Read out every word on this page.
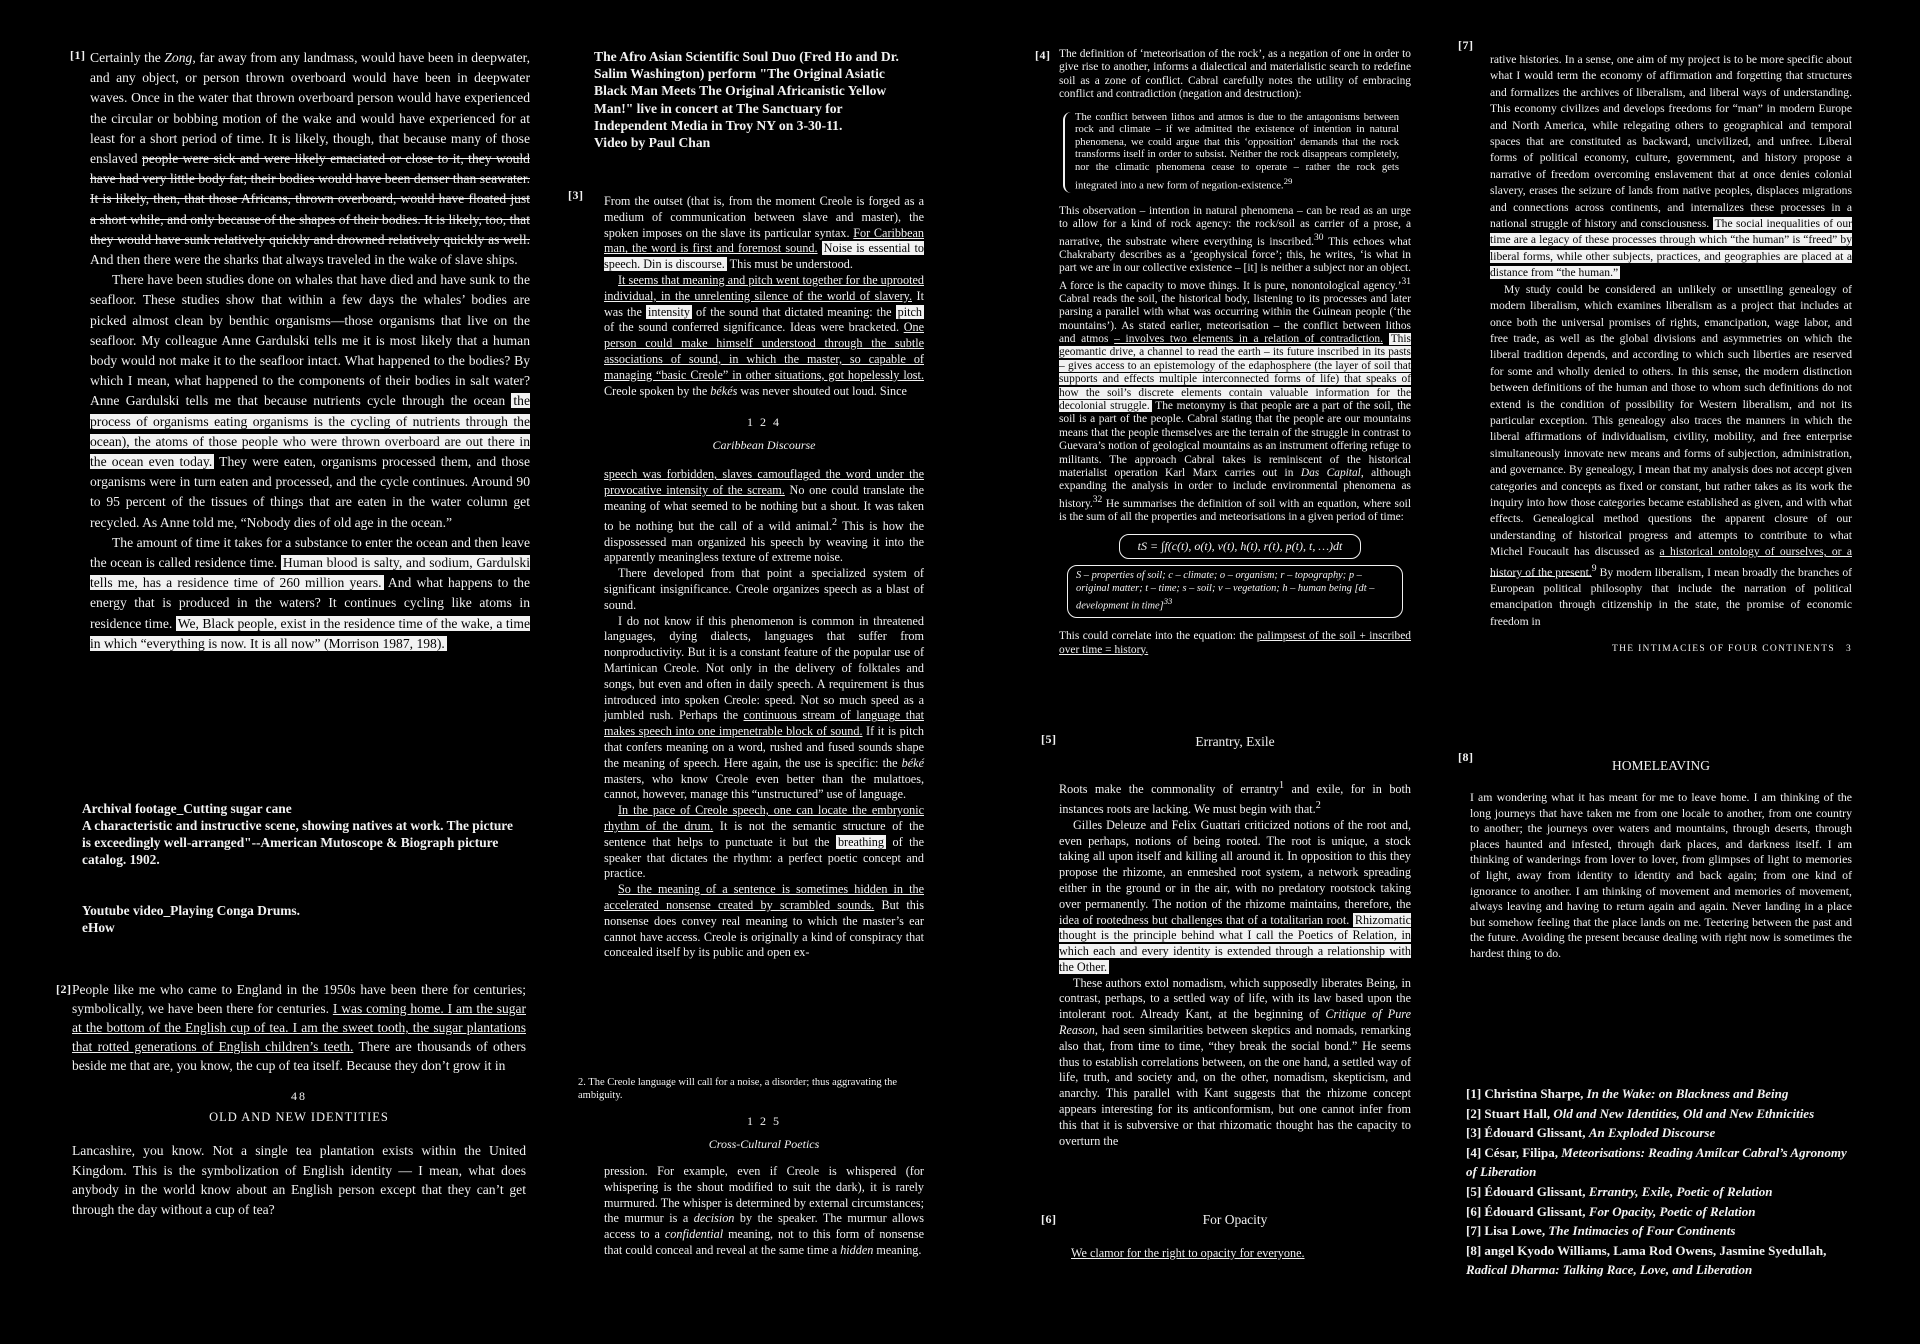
[1] Certainly the Zong, far away from any landmass, would have been in deepwater, and any object, or person thrown overboard would have been in deepwater waves. Once in the water that thrown overboard person would have experienced the circular or bobbing motion of the wake and would have experienced for at least for a short period of time. It is likely, though, that because many of those enslaved people were sick and were likely emaciated or close to it, they would have had very little body fat; their bodies would have been denser than seawater. It is likely, then, that those Africans, thrown overboard, would have floated just a short while, and only because of the shapes of their bodies. It is likely, too, that they would have sunk relatively quickly and drowned relatively quickly as well. And then there were the sharks that always traveled in the wake of slave ships.

There have been studies done on whales that have died and have sunk to the seafloor. These studies show that within a few days the whales’ bodies are picked almost clean by benthic organisms—those organisms that live on the seafloor. My colleague Anne Gardulski tells me it is most likely that a human body would not make it to the seafloor intact. What happened to the bodies? By which I mean, what happened to the components of their bodies in salt water? Anne Gardulski tells me that because nutrients cycle through the ocean the process of organisms eating organisms is the cycling of nutrients through the ocean), the atoms of those people who were thrown overboard are out there in the ocean even today. They were eaten, organisms processed them, and those organisms were in turn eaten and processed, and the cycle continues. Around 90 to 95 percent of the tissues of things that are eaten in the water column get recycled. As Anne told me, “Nobody dies of old age in the ocean.”

The amount of time it takes for a substance to enter the ocean and then leave the ocean is called residence time. Human blood is salty, and sodium, Gardulski tells me, has a residence time of 260 million years. And what happens to the energy that is produced in the waters? It continues cycling like atoms in residence time. We, Black people, exist in the residence time of the wake, a time in which “everything is now. It is all now” (Morrison 1987, 198).

Archival footage_Cutting sugar cane
A characteristic and instructive scene, showing natives at work. The picture is exceedingly well-arranged"--American Mutoscope & Biograph picture catalog. 1902.
Youtube video_Playing Conga Drums.
eHow
[2] People like me who came to England in the 1950s have been there for centuries; symbolically, we have been there for centuries. I was coming home. I am the sugar at the bottom of the English cup of tea. I am the sweet tooth, the sugar plantations that rotted generations of English children’s teeth. There are thousands of others beside me that are, you know, the cup of tea itself. Because they don’t grow it in

48
OLD AND NEW IDENTITIES

Lancashire, you know. Not a single tea plantation exists within the United Kingdom. This is the symbolization of English identity — I mean, what does anybody in the world know about an English person except that they can’t get through the day without a cup of tea?

The Afro Asian Scientific Soul Duo (Fred Ho and Dr. Salim Washington) perform "The Original Asiatic Black Man Meets The Original Africanistic Yellow Man!" live in concert at The Sanctuary for Independent Media in Troy NY on 3-30-11.
Video by Paul Chan
[3] From the outset (that is, from the moment Creole is forged as a medium of communication between slave and master), the spoken imposes on the slave its particular syntax. For Caribbean man, the word is first and foremost sound. Noise is essential to speech. Din is discourse. This must be understood.

It seems that meaning and pitch went together for the uprooted individual, in the unrelenting silence of the world of slavery. It was the intensity of the sound that dictated meaning: the pitch of the sound conferred significance. Ideas were bracketed. One person could make himself understood through the subtle associations of sound, in which the master, so capable of managing “basic Creole” in other situations, got hopelessly lost. Creole spoken by the békés was never shouted out loud. Since

1 2 4
Caribbean Discourse

speech was forbidden, slaves camouflaged the word under the provocative intensity of the scream. No one could translate the meaning of what seemed to be nothing but a shout. It was taken to be nothing but the call of a wild animal.$^2$ This is how the dispossessed man organized his speech by weaving it into the apparently meaningless texture of extreme noise.

There developed from that point a specialized system of significant insignificance. Creole organizes speech as a blast of sound.

I do not know if this phenomenon is common in threatened languages, dying dialects, languages that suffer from nonproductivity. But it is a constant feature of the popular use of Martinican Creole. Not only in the delivery of folktales and songs, but even and often in daily speech. A requirement is thus introduced into spoken Creole: speed. Not so much speed as a jumbled rush. Perhaps the continuous stream of language that makes speech into one impenetrable block of sound. If it is pitch that confers meaning on a word, rushed and fused sounds shape the meaning of speech. Here again, the use is specific: the béké masters, who know Creole even better than the mulattoes, cannot, however, manage this “unstructured” use of language.

In the pace of Creole speech, one can locate the embryonic rhythm of the drum. It is not the semantic structure of the sentence that helps to punctuate it but the breathing of the speaker that dictates the rhythm: a perfect poetic concept and practice.

So the meaning of a sentence is sometimes hidden in the accelerated nonsense created by scrambled sounds. But this nonsense does convey real meaning to which the master’s ear cannot have access. Creole is originally a kind of conspiracy that concealed itself by its public and open ex-

2. The Creole language will call for a noise, a disorder; thus aggravating the ambiguity.
1 2 5
Cross-Cultural Poetics

pression. For example, even if Creole is whispered (for whispering is the shout modified to suit the dark), it is rarely murmured. The whisper is determined by external circumstances; the murmur is a decision by the speaker. The murmur allows access to a confidential meaning, not to this form of nonsense that could conceal and reveal at the same time a hidden meaning.

[4] The definition of ‘meteorisation of the rock’, as a negation of one in order to give rise to another, informs a dialectical and materialistic search to redefine soil as a zone of conflict. Cabral carefully notes the utility of embracing conflict and contradiction (negation and destruction):

The conflict between lithos and atmos is due to the antagonisms between rock and climate – if we admitted the existence of intention in natural phenomena, we could argue that this ‘opposition’ demands that the rock transforms itself in order to subsist. Neither the rock disappears completely, nor the climatic phenomena cease to operate – rather the rock gets integrated into a new form of negation-existence.$^{29}$

This observation – intention in natural phenomena – can be read as an urge to allow for a kind of rock agency: the rock/soil as carrier of a prose, a narrative, the substrate where everything is inscribed.$^{30}$ This echoes what Chakrabarty describes as a ‘geophysical force’; this, he writes, ‘is what in part we are in our collective existence – [it] is neither a subject nor an object. A force is the capacity to move things. It is pure, nonontological agency.’$^{31}$ Cabral reads the soil, the historical body, listening to its processes and later parsing a parallel with what was occurring within the Guinean people (‘the mountains’). As stated earlier, meteorisation – the conflict between lithos and atmos – involves two elements in a relation of contradiction. This geomantic drive, a channel to read the earth – its future inscribed in its pasts – gives access to an epistemology of the edaphosphere (the layer of soil that supports and effects multiple interconnected forms of life) that speaks of how the soil’s discrete elements contain valuable information for the decolonial struggle. The metonymy is that people are a part of the soil, the soil is a part of the people. Cabral stating that the people are our mountains means that the people themselves are the terrain of the struggle in contrast to Guevara’s notion of geological mountains as an instrument offering refuge to militants. The approach Cabral takes is reminiscent of the historical materialist operation Karl Marx carries out in Das Capital, although expanding the analysis in order to include environmental phenomena as history.$^{32}$ He summarises the definition of soil with an equation, where soil is the sum of all the properties and meteorisations in a given period of time:

tS = ∫f(c(t), o(t), v(t), h(t), r(t), p(t), t, …)dt
S – properties of soil; c – climate; o – organism; r – topography; p – original matter; t – time; s – soil; v – vegetation; h – human being [dt – development in time]$^{33}$

This could correlate into the equation: the palimpsest of the soil + inscribed over time = history.

[5]	Errantry, Exile

Roots make the commonality of errantry$^1$ and exile, for in both instances roots are lacking. We must begin with that.$^2$

Gilles Deleuze and Felix Guattari criticized notions of the root and, even perhaps, notions of being rooted. The root is unique, a stock taking all upon itself and killing all around it. In opposition to this they propose the rhizome, an enmeshed root system, a network spreading either in the ground or in the air, with no predatory rootstock taking over permanently. The notion of the rhizome maintains, therefore, the idea of rootedness but challenges that of a totalitarian root. Rhizomatic thought is the principle behind what I call the Poetics of Relation, in which each and every identity is extended through a relationship with the Other.

These authors extol nomadism, which supposedly liberates Being, in contrast, perhaps, to a settled way of life, with its law based upon the intolerant root. Already Kant, at the beginning of Critique of Pure Reason, had seen similarities between skeptics and nomads, remarking also that, from time to time, “they break the social bond.” He seems thus to establish correlations between, on the one hand, a settled way of life, truth, and society and, on the other, nomadism, skepticism, and anarchy. This parallel with Kant suggests that the rhizome concept appears interesting for its anticonformism, but one cannot infer from this that it is subversive or that rhizomatic thought has the capacity to overturn the

[6]	For Opacity
We clamor for the right to opacity for everyone.
[7]

rative histories. In a sense, one aim of my project is to be more specific about what I would term the economy of affirmation and forgetting that structures and formalizes the archives of liberalism, and liberal ways of understanding. This economy civilizes and develops freedoms for “man” in modern Europe and North America, while relegating others to geographical and temporal spaces that are constituted as backward, uncivilized, and unfree. Liberal forms of political economy, culture, government, and history propose a narrative of freedom overcoming enslavement that at once denies colonial slavery, erases the seizure of lands from native peoples, displaces migrations and connections across continents, and internalizes these processes in a national struggle of history and consciousness. The social inequalities of our time are a legacy of these processes through which “the human” is “freed” by liberal forms, while other subjects, practices, and geographies are placed at a distance from “the human.”

My study could be considered an unlikely or unsettling genealogy of modern liberalism, which examines liberalism as a project that includes at once both the universal promises of rights, emancipation, wage labor, and free trade, as well as the global divisions and asymmetries on which the liberal tradition depends, and according to which such liberties are reserved for some and wholly denied to others. In this sense, the modern distinction between definitions of the human and those to whom such definitions do not extend is the condition of possibility for Western liberalism, and not its particular exception. This genealogy also traces the manners in which the liberal affirmations of individualism, civility, mobility, and free enterprise simultaneously innovate new means and forms of subjection, administration, and governance. By genealogy, I mean that my analysis does not accept given categories and concepts as fixed or constant, but rather takes as its work the inquiry into how those categories became established as given, and with what effects. Genealogical method questions the apparent closure of our understanding of historical progress and attempts to contribute to what Michel Foucault has discussed as a historical ontology of ourselves, or a history of the present.$^9$ By modern liberalism, I mean broadly the branches of European political philosophy that include the narration of political emancipation through citizenship in the state, the promise of economic freedom in

THE INTIMACIES OF FOUR CONTINENTS 3
[8]
HOMELEAVING

I am wondering what it has meant for me to leave home. I am thinking of the long journeys that have taken me from one locale to another, from one country to another; the journeys over waters and mountains, through deserts, through places haunted and infested, through dark places, and darkness itself. I am thinking of wanderings from lover to lover, from glimpses of light to memories of light, away from identity to identity and back again; from one kind of ignorance to another. I am thinking of movement and memories of movement, always leaving and having to return again and again. Never landing in a place but somehow feeling that the place lands on me. Teetering between the past and the future. Avoiding the present because dealing with right now is sometimes the hardest thing to do.

[1] Christina Sharpe, In the Wake: on Blackness and Being

[2] Stuart Hall, Old and New Identities, Old and New Ethnicities

[3] Édouard Glissant, An Exploded Discourse

[4] César, Filipa, Meteorisations: Reading Amílcar Cabral’s Agronomy of Liberation

[5] Édouard Glissant, Errantry, Exile, Poetic of Relation

[6] Édouard Glissant, For Opacity, Poetic of Relation

[7] Lisa Lowe, The Intimacies of Four Continents

[8] angel Kyodo Williams, Lama Rod Owens, Jasmine Syedullah, Radical Dharma: Talking Race, Love, and Liberation
